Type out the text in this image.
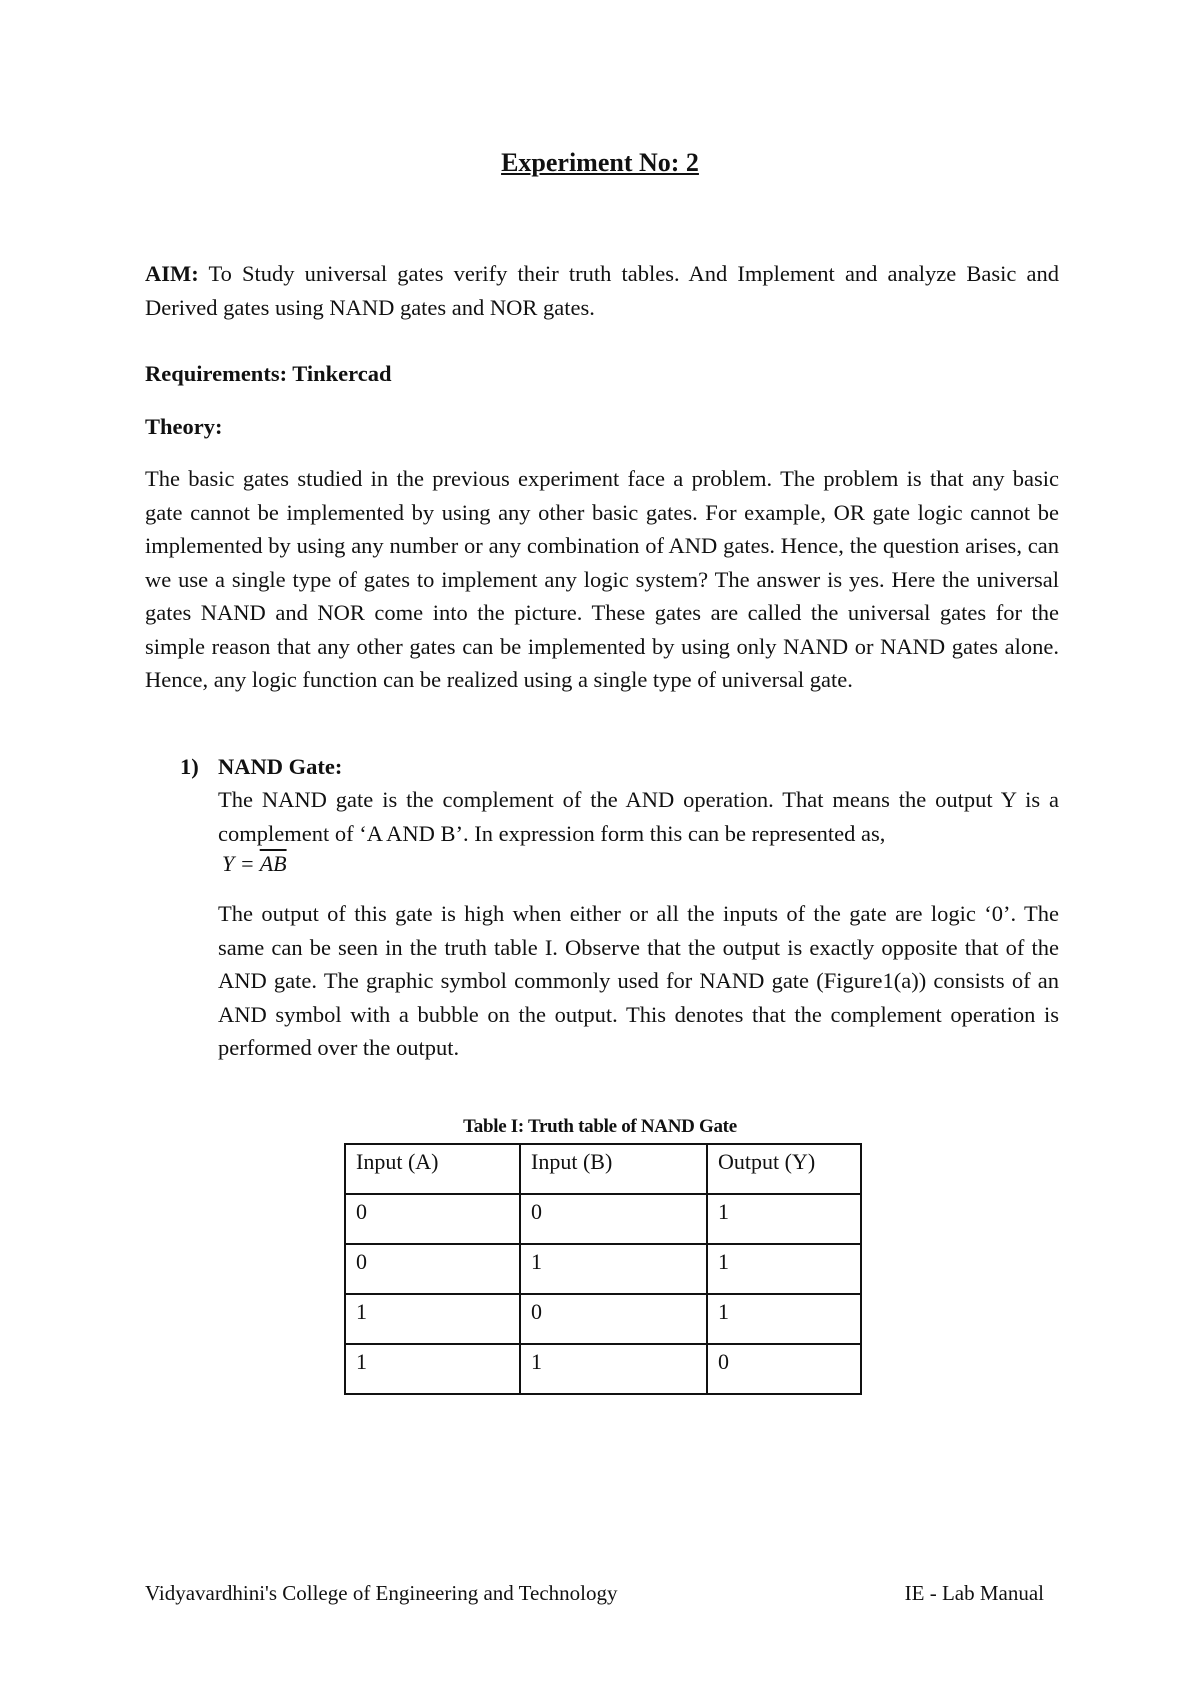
Experiment No: 2

AIM: To Study universal gates verify their truth tables. And Implement and analyze Basic and Derived gates using NAND gates and NOR gates.

Requirements: Tinkercad

Theory:

The basic gates studied in the previous experiment face a problem. The problem is that any basic gate cannot be implemented by using any other basic gates. For example, OR gate logic cannot be implemented by using any number or any combination of AND gates. Hence, the question arises, can we use a single type of gates to implement any logic system? The answer is yes. Here the universal gates NAND and NOR come into the picture. These gates are called the universal gates for the simple reason that any other gates can be implemented by using only NAND or NAND gates alone. Hence, any logic function can be realized using a single type of universal gate.

1) NAND Gate:

The NAND gate is the complement of the AND operation. That means the output Y is a complement of ‘A AND B’. In expression form this can be represented as,

$Y = \overline{AB}$

The output of this gate is high when either or all the inputs of the gate are logic ‘0’. The same can be seen in the truth table I. Observe that the output is exactly opposite that of the AND gate. The graphic symbol commonly used for NAND gate (Figure1(a)) consists of an AND symbol with a bubble on the output. This denotes that the complement operation is performed over the output.

Table I: Truth table of NAND Gate
Input (A)	Input (B)	Output (Y)
0	0	1
0	1	1
1	0	1
1	1	0
Vidyavardhini's College of Engineering and Technology	IE - Lab Manual
